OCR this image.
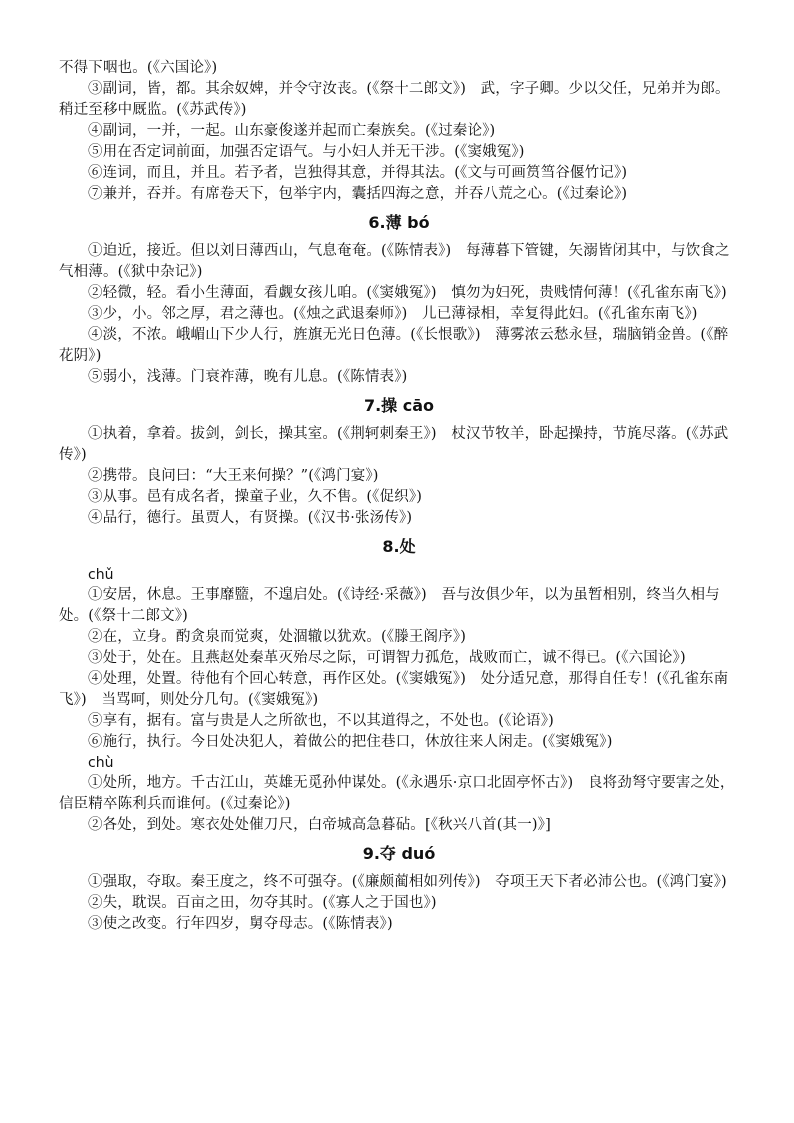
不得下咽也。(《六国论》)
③副词，皆，都。其余奴婢，并令守汝丧。(《祭十二郎文》)　武，字子卿。少以父任，兄弟并为郎。稍迁至移中厩监。(《苏武传》)
④副词，一并，一起。山东豪俊遂并起而亡秦族矣。(《过秦论》)
⑤用在否定词前面，加强否定语气。与小妇人并无干涉。(《窦娥冤》)
⑥连词，而且，并且。若予者，岂独得其意，并得其法。(《文与可画筼筜谷偃竹记》)
⑦兼并，吞并。有席卷天下，包举宇内，囊括四海之意，并吞八荒之心。(《过秦论》)
6.薄 bó
①迫近，接近。但以刘日薄西山，气息奄奄。(《陈情表》)　每薄暮下管键，矢溺皆闭其中，与饮食之气相薄。(《狱中杂记》)
②轻微，轻。看小生薄面，看觑女孩儿咱。(《窦娥冤》)　慎勿为妇死，贵贱情何薄！(《孔雀东南飞》)
③少，小。邻之厚，君之薄也。(《烛之武退秦师》)　儿已薄禄相，幸复得此妇。(《孔雀东南飞》)
④淡，不浓。峨嵋山下少人行，旌旗无光日色薄。(《长恨歌》)　薄雾浓云愁永昼，瑞脑销金兽。(《醉花阴》)
⑤弱小，浅薄。门衰祚薄，晚有儿息。(《陈情表》)
7.操 cāo
①执着，拿着。拔剑，剑长，操其室。(《荆轲刺秦王》)　杖汉节牧羊，卧起操持，节旄尽落。(《苏武传》)
②携带。良问曰：“大王来何操？”(《鸿门宴》)
③从事。邑有成名者，操童子业，久不售。(《促织》)
④品行，德行。虽贾人，有贤操。(《汉书·张汤传》)
8.处
chǔ
①安居，休息。王事靡盬，不遑启处。(《诗经·采薇》)　吾与汝俱少年，以为虽暂相别，终当久相与处。(《祭十二郎文》)
②在，立身。酌贪泉而觉爽，处涸辙以犹欢。(《滕王阁序》)
③处于，处在。且燕赵处秦革灭殆尽之际，可谓智力孤危，战败而亡，诚不得已。(《六国论》)
④处理，处置。待他有个回心转意，再作区处。(《窦娥冤》)　处分适兄意，那得自任专！(《孔雀东南飞》)　当骂呵，则处分几句。(《窦娥冤》)
⑤享有，据有。富与贵是人之所欲也，不以其道得之，不处也。(《论语》)
⑥施行，执行。今日处决犯人，着做公的把住巷口，休放往来人闲走。(《窦娥冤》)
chù
①处所，地方。千古江山，英雄无觅孙仲谋处。(《永遇乐·京口北固亭怀古》)　良将劲弩守要害之处，信臣精卒陈利兵而谁何。(《过秦论》)
②各处，到处。寒衣处处催刀尺，白帝城高急暮砧。[《秋兴八首(其一)》]
9.夺 duó
①强取，夺取。秦王度之，终不可强夺。(《廉颇蔺相如列传》)　夺项王天下者必沛公也。(《鸿门宴》)
②失，耽误。百亩之田，勿夺其时。(《寡人之于国也》)
③使之改变。行年四岁，舅夺母志。(《陈情表》)
